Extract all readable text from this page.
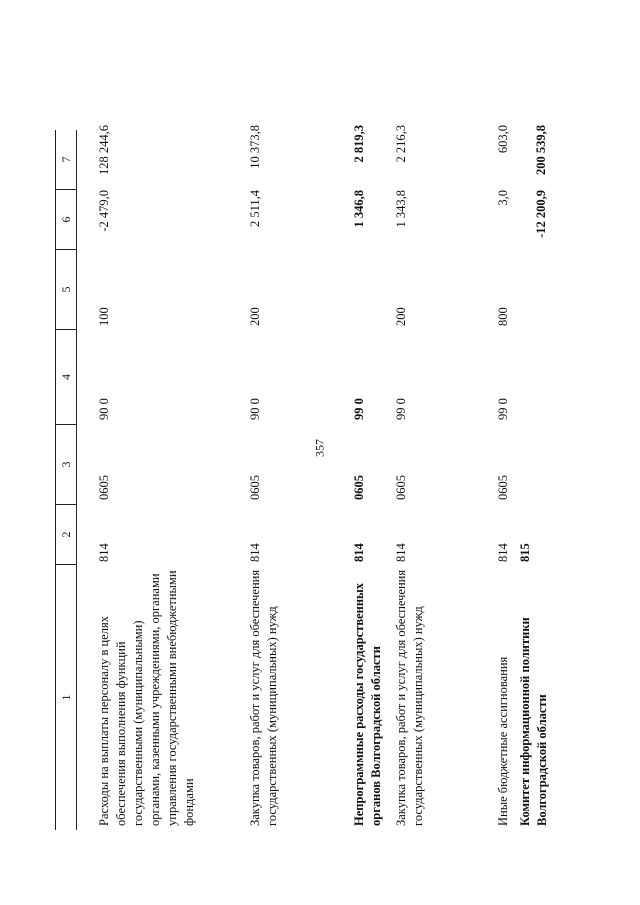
357
1
2
3
4
5
6
7
Расходы на выплаты персоналу в целях обеспечения выполнения функций государственными (муниципальными) органами, казенными учреждениями, органами управления государственными внебюджетными фондами
814
0605
90 0
100
-2 479,0
128 244,6
Закупка товаров, работ и услуг для обеспечения государственных (муниципальных) нужд
814
0605
90 0
200
2 511,4
10 373,8
Непрограммные расходы государственных органов Волгоградской области
814
0605
99 0
1 346,8
2 819,3
Закупка товаров, работ и услуг для обеспечения государственных (муниципальных) нужд
814
0605
99 0
200
1 343,8
2 216,3
Иные бюджетные ассигнования
814
0605
99 0
800
3,0
603,0
Комитет информационной политики Волгоградской области
815
-12 200,9
200 539,8
